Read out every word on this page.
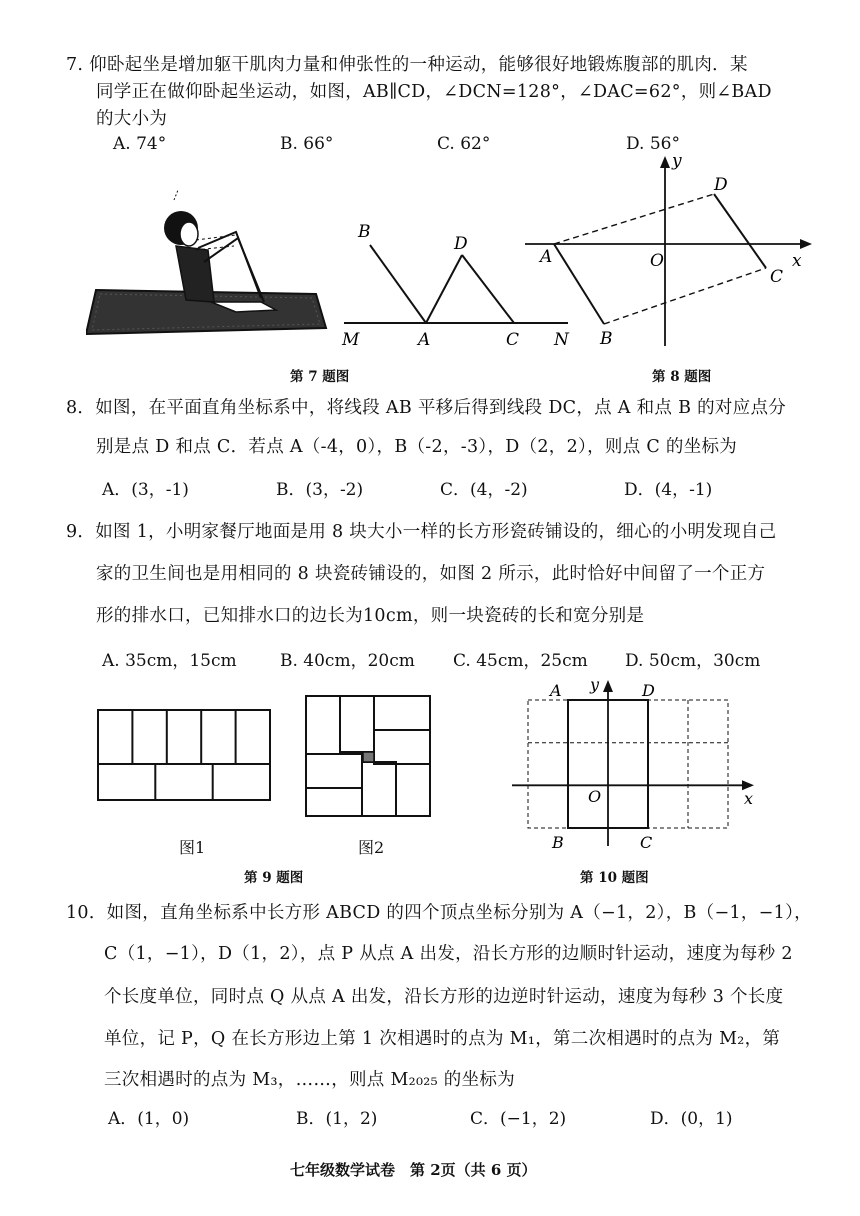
7. 仰卧起坐是增加躯干肌肉力量和伸张性的一种运动，能够很好地锻炼腹部的肌肉．某
同学正在做仰卧起坐运动，如图，AB∥CD，∠DCN=128°，∠DAC=62°，则∠BAD
的大小为
A. 74°	B. 66°	C. 62°	D. 56°
B
D
M	A	C N
y
x
O
A
B
C
D
第 7 题图	第 8 题图
8．如图，在平面直角坐标系中，将线段 AB 平移后得到线段 DC，点 A 和点 B 的对应点分
别是点 D 和点 C．若点 A（-4，0），B（-2，-3），D（2，2），则点 C 的坐标为
A．(3，-1)	B．(3，-2)	C．(4，-2)	D．(4，-1)
9．如图 1，小明家餐厅地面是用 8 块大小一样的长方形瓷砖铺设的，细心的小明发现自己
家的卫生间也是用相同的 8 块瓷砖铺设的，如图 2 所示，此时恰好中间留了一个正方
形的排水口，已知排水口的边长为10cm，则一块瓷砖的长和宽分别是
A. 35cm，15cm	B. 40cm，20cm C. 45cm，25cm D. 50cm，30cm
图1	图2
A	D
B	C
O	x
y
第 9 题图	第 10 题图
10．如图，直角坐标系中长方形 ABCD 的四个顶点坐标分别为 A（−1，2），B（−1，−1），
C（1，−1），D（1，2），点 P 从点 A 出发，沿长方形的边顺时针运动，速度为每秒 2
个长度单位，同时点 Q 从点 A 出发，沿长方形的边逆时针运动，速度为每秒 3 个长度
单位，记 P，Q 在长方形边上第 1 次相遇时的点为 M₁，第二次相遇时的点为 M₂，第
三次相遇时的点为 M₃，……，则点 M₂₀₂₅ 的坐标为
A．(1，0)	B．(1，2)	C．(−1，2)	D．(0，1)
七年级数学试卷　第 2页（共 6 页）
